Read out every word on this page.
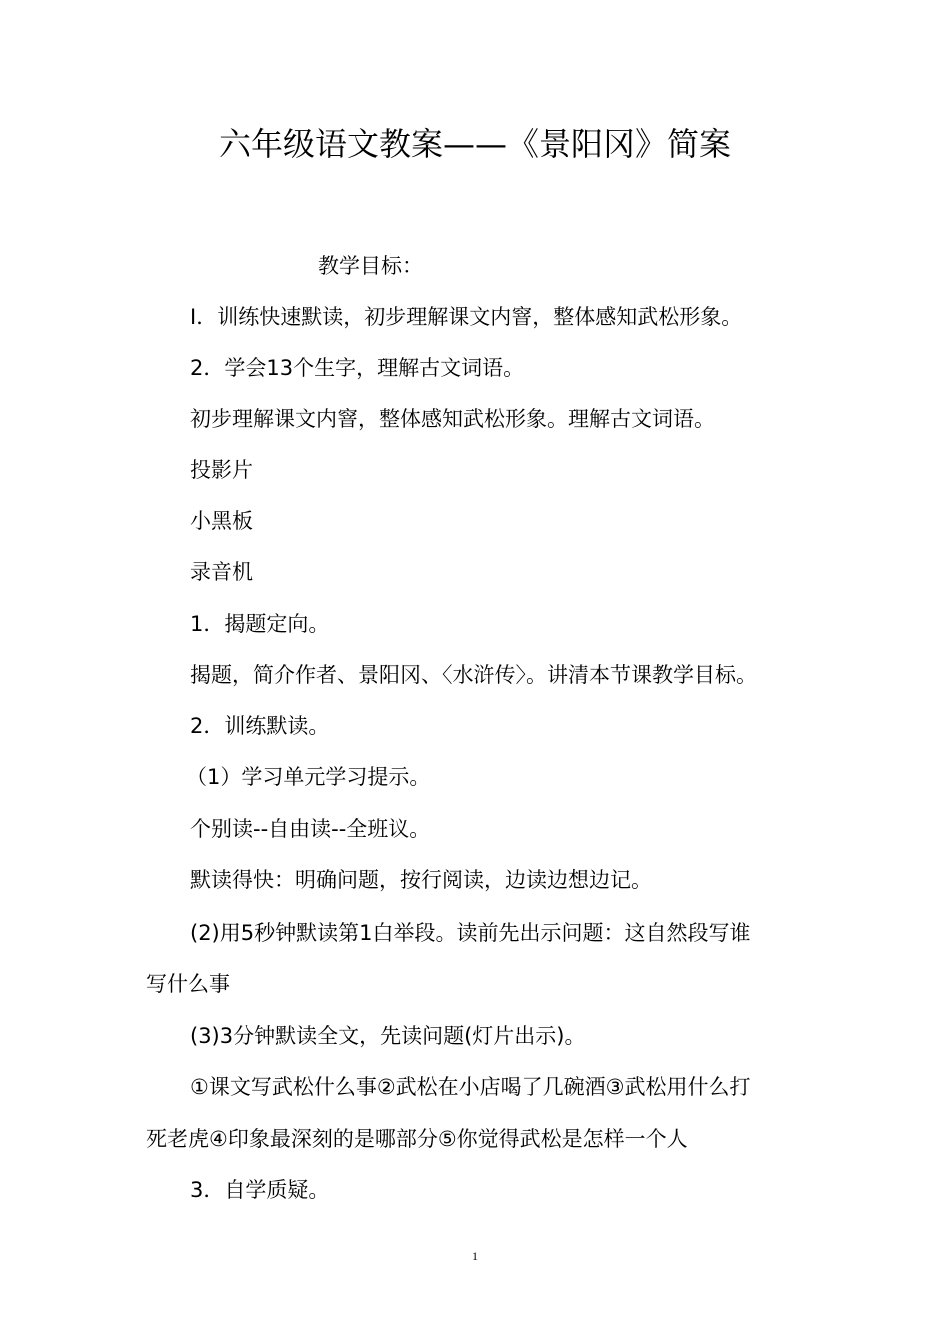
六年级语文教案——《景阳冈》简案
教学目标：
I．训练快速默读，初步理解课文内窨，整体感知武松形象。
2．学会13个生字，理解古文词语。
初步理解课文内窨，整体感知武松形象。理解古文词语。
投影片
小黑板
录音机
1．揭题定向。
揭题，简介作者、景阳冈、〈水浒传〉。讲清本节课教学目标。
2．训练默读。
（1）学习单元学习提示。
个别读--自由读--全班议。
默读得快：明确问题，按行阅读，边读边想边记。
(2)用5秒钟默读第1白举段。读前先出示问题：这自然段写谁
写什么事
(3)3分钟默读全文，先读问题(灯片出示)。
①课文写武松什么事②武松在小店喝了几碗酒③武松用什么打
死老虎④印象最深刻的是哪部分⑤你觉得武松是怎样一个人
3．自学质疑。
1
